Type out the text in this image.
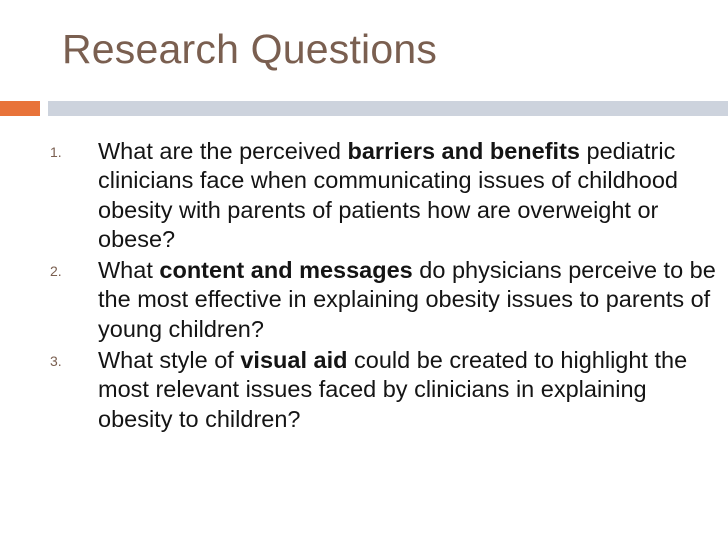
Research Questions
1. What are the perceived barriers and benefits pediatric clinicians face when communicating issues of childhood obesity with parents of patients how are overweight or obese?
2. What content and messages do physicians perceive to be the most effective in explaining obesity issues to parents of young children?
3. What style of visual aid could be created to highlight the most relevant issues faced by clinicians in explaining obesity to children?
